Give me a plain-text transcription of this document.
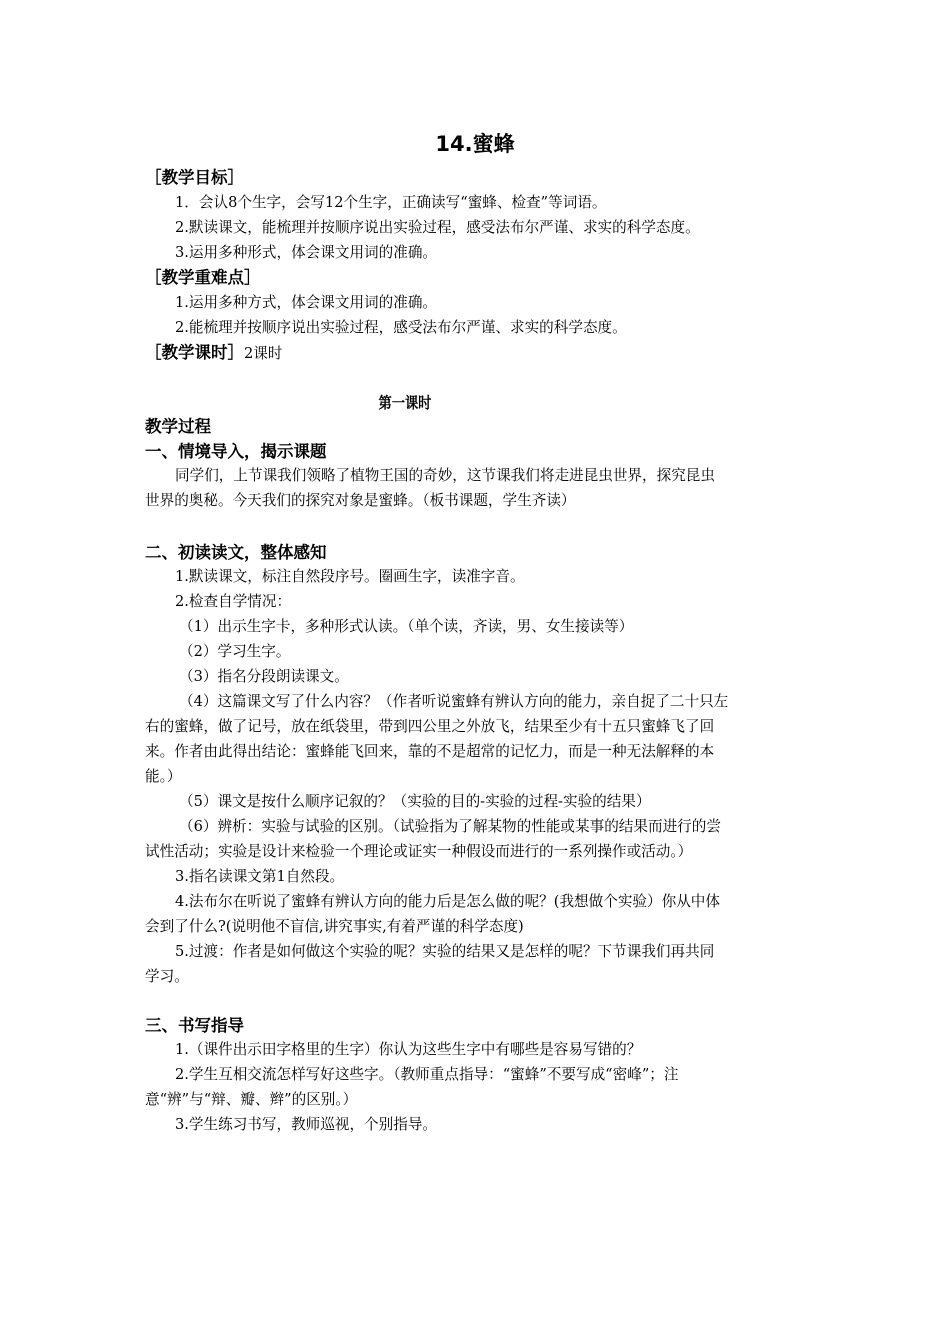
14.蜜蜂
［教学目标］
1．会认8个生字，会写12个生字，正确读写“蜜蜂、检查”等词语。
2.默读课文，能梳理并按顺序说出实验过程，感受法布尔严谨、求实的科学态度。
3.运用多种形式，体会课文用词的准确。
［教学重难点］
1.运用多种方式，体会课文用词的准确。
2.能梳理并按顺序说出实验过程，感受法布尔严谨、求实的科学态度。
［教学课时］2课时
第一课时
教学过程
一、情境导入，揭示课题
同学们，上节课我们领略了植物王国的奇妙，这节课我们将走进昆虫世界，探究昆虫
世界的奥秘。今天我们的探究对象是蜜蜂。（板书课题，学生齐读）
二、初读读文，整体感知
1.默读课文，标注自然段序号。圈画生字，读准字音。
2.检查自学情况：
（1）出示生字卡，多种形式认读。（单个读，齐读，男、女生接读等）
（2）学习生字。
（3）指名分段朗读课文。
（4）这篇课文写了什么内容？（作者听说蜜蜂有辨认方向的能力，亲自捉了二十只左
右的蜜蜂，做了记号，放在纸袋里，带到四公里之外放飞，结果至少有十五只蜜蜂飞了回
来。作者由此得出结论：蜜蜂能飞回来，靠的不是超常的记忆力，而是一种无法解释的本
能。）
（5）课文是按什么顺序记叙的？（实验的目的-实验的过程-实验的结果）
（6）辨析：实验与试验的区别。（试验指为了解某物的性能或某事的结果而进行的尝
试性活动；实验是设计来检验一个理论或证实一种假设而进行的一系列操作或活动。）
3.指名读课文第1自然段。
4.法布尔在听说了蜜蜂有辨认方向的能力后是怎么做的呢？(我想做个实验）你从中体
会到了什么?(说明他不盲信,讲究事实,有着严谨的科学态度)
5.过渡：作者是如何做这个实验的呢？实验的结果又是怎样的呢？下节课我们再共同
学习。
三、书写指导
1.（课件出示田字格里的生字）你认为这些生字中有哪些是容易写错的？
2.学生互相交流怎样写好这些字。（教师重点指导：“蜜蜂”不要写成“密峰”；注
意“辨”与“辩、瓣、辫”的区别。）
3.学生练习书写，教师巡视，个别指导。
